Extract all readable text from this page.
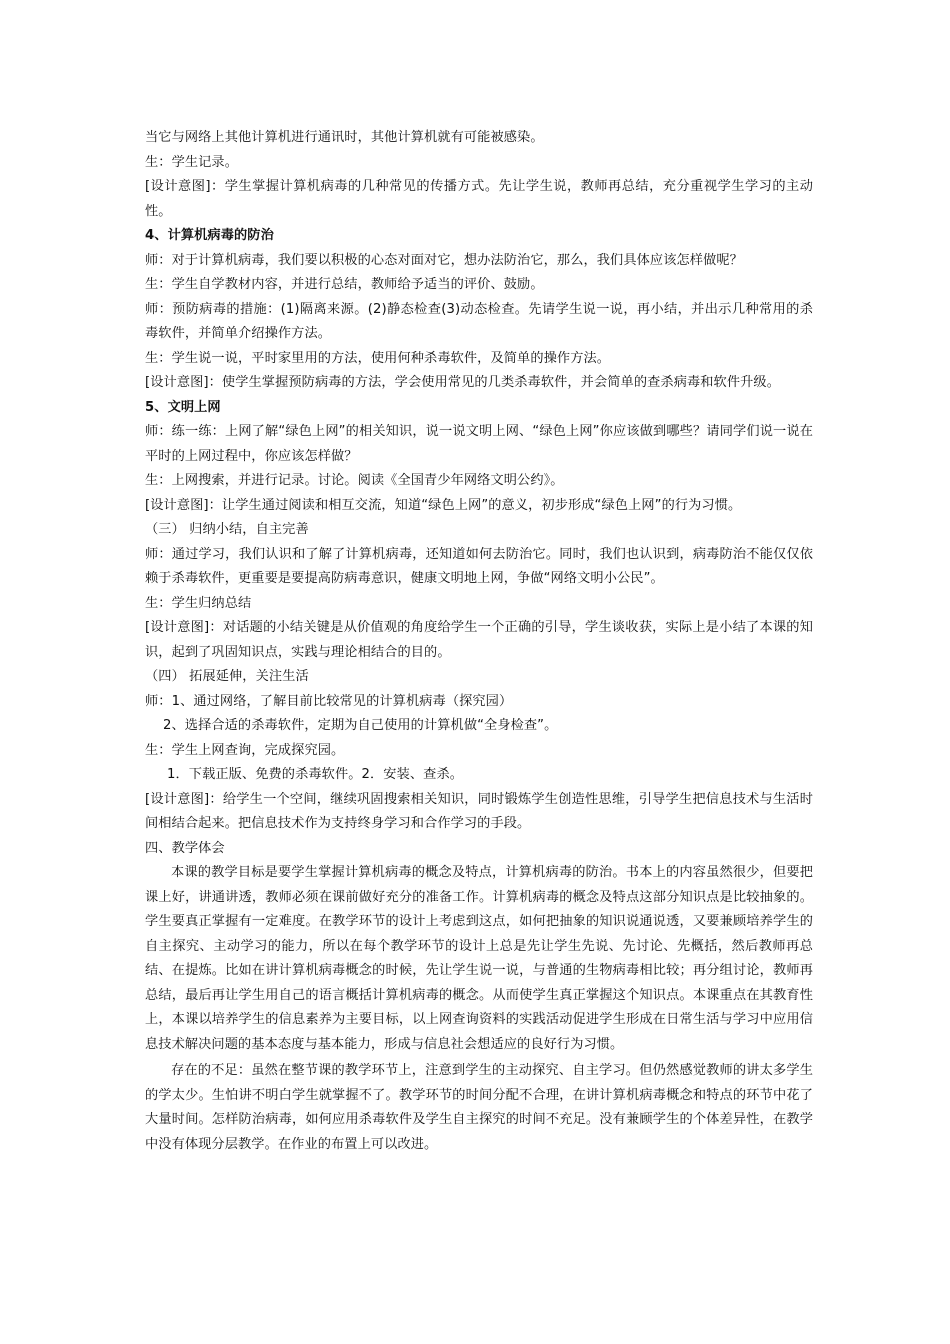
当它与网络上其他计算机进行通讯时，其他计算机就有可能被感染。

生：学生记录。

[设计意图]：学生掌握计算机病毒的几种常见的传播方式。先让学生说，教师再总结，充分重视学生学习的主动性。

4、计算机病毒的防治

师：对于计算机病毒，我们要以积极的心态对面对它，想办法防治它，那么，我们具体应该怎样做呢？

生：学生自学教材内容，并进行总结，教师给予适当的评价、鼓励。

师：预防病毒的措施：(1)隔离来源。(2)静态检查(3)动态检查。先请学生说一说，再小结，并出示几种常用的杀毒软件，并简单介绍操作方法。

生：学生说一说，平时家里用的方法，使用何种杀毒软件，及简单的操作方法。

[设计意图]：使学生掌握预防病毒的方法，学会使用常见的几类杀毒软件，并会简单的查杀病毒和软件升级。

5、文明上网

师：练一练：上网了解“绿色上网”的相关知识，说一说文明上网、“绿色上网”你应该做到哪些？请同学们说一说在平时的上网过程中，你应该怎样做？

生：上网搜索，并进行记录。讨论。阅读《全国青少年网络文明公约》。

[设计意图]：让学生通过阅读和相互交流，知道“绿色上网”的意义，初步形成“绿色上网”的行为习惯。

（三） 归纳小结，自主完善

师：通过学习，我们认识和了解了计算机病毒，还知道如何去防治它。同时，我们也认识到，病毒防治不能仅仅依赖于杀毒软件，更重要是要提高防病毒意识，健康文明地上网，争做“网络文明小公民”。

生：学生归纳总结

[设计意图]：对话题的小结关键是从价值观的角度给学生一个正确的引导，学生谈收获，实际上是小结了本课的知识，起到了巩固知识点，实践与理论相结合的目的。

（四） 拓展延伸，关注生活

师：1、通过网络，了解目前比较常见的计算机病毒（探究园）

2、选择合适的杀毒软件，定期为自己使用的计算机做“全身检查”。

生：学生上网查询，完成探究园。

1．下载正版、免费的杀毒软件。2．安装、查杀。

[设计意图]：给学生一个空间，继续巩固搜索相关知识，同时锻炼学生创造性思维，引导学生把信息技术与生活时间相结合起来。把信息技术作为支持终身学习和合作学习的手段。

四、教学体会

本课的教学目标是要学生掌握计算机病毒的概念及特点，计算机病毒的防治。书本上的内容虽然很少，但要把课上好，讲通讲透，教师必须在课前做好充分的准备工作。计算机病毒的概念及特点这部分知识点是比较抽象的。学生要真正掌握有一定难度。在教学环节的设计上考虑到这点，如何把抽象的知识说通说透，又要兼顾培养学生的自主探究、主动学习的能力，所以在每个教学环节的设计上总是先让学生先说、先讨论、先概括，然后教师再总结、在提炼。比如在讲计算机病毒概念的时候，先让学生说一说，与普通的生物病毒相比较；再分组讨论，教师再总结，最后再让学生用自己的语言概括计算机病毒的概念。从而使学生真正掌握这个知识点。本课重点在其教育性上，本课以培养学生的信息素养为主要目标，以上网查询资料的实践活动促进学生形成在日常生活与学习中应用信息技术解决问题的基本态度与基本能力，形成与信息社会想适应的良好行为习惯。

存在的不足：虽然在整节课的教学环节上，注意到学生的主动探究、自主学习。但仍然感觉教师的讲太多学生的学太少。生怕讲不明白学生就掌握不了。教学环节的时间分配不合理，在讲计算机病毒概念和特点的环节中花了大量时间。怎样防治病毒，如何应用杀毒软件及学生自主探究的时间不充足。没有兼顾学生的个体差异性，在教学中没有体现分层教学。在作业的布置上可以改进。
